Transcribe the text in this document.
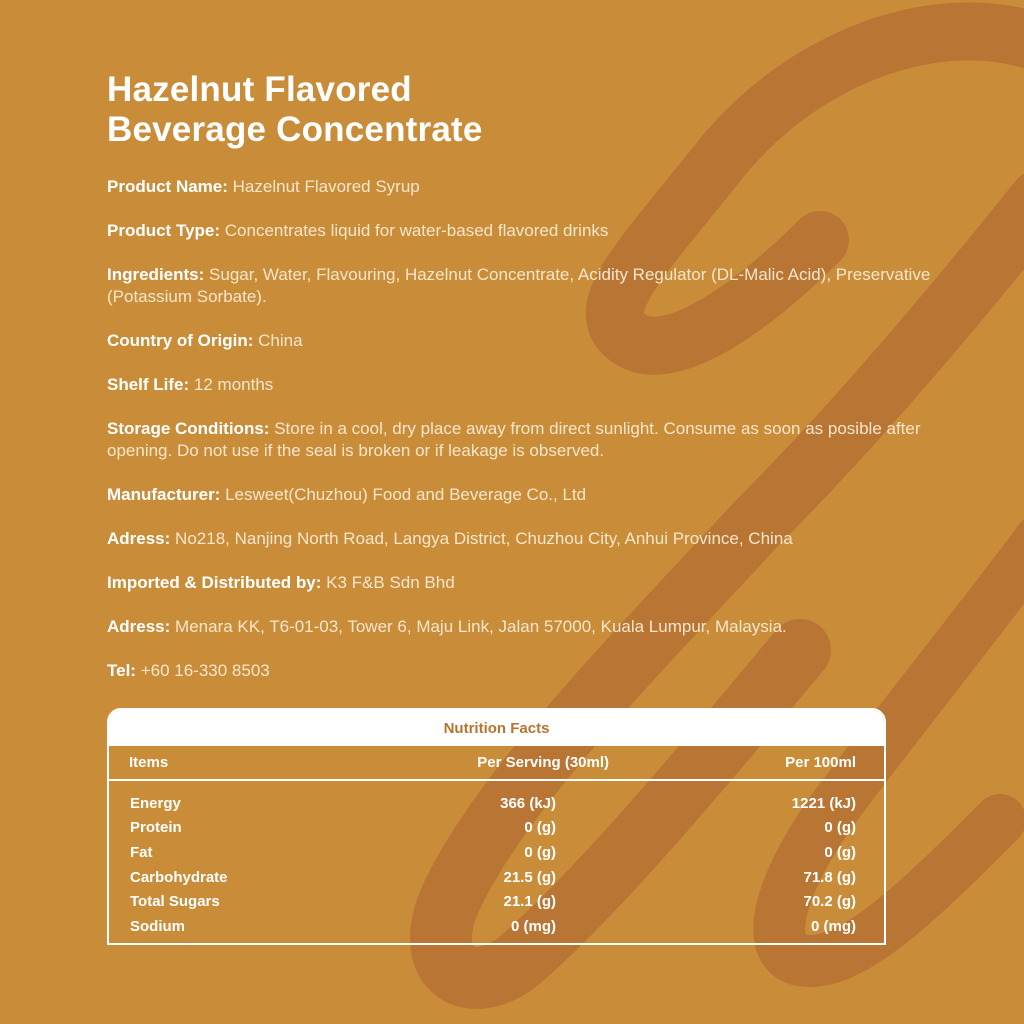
Hazelnut Flavored
Beverage Concentrate

Product Name: Hazelnut Flavored Syrup

Product Type: Concentrates liquid for water-based flavored drinks

Ingredients: Sugar, Water, Flavouring, Hazelnut Concentrate, Acidity Regulator (DL-Malic Acid), Preservative (Potassium Sorbate).

Country of Origin: China

Shelf Life: 12 months

Storage Conditions: Store in a cool, dry place away from direct sunlight. Consume as soon as posible after opening. Do not use if the seal is broken or if leakage is observed.

Manufacturer: Lesweet(Chuzhou) Food and Beverage Co., Ltd

Adress: No218, Nanjing North Road, Langya District, Chuzhou City, Anhui Province, China

Imported & Distributed by: K3 F&B Sdn Bhd

Adress: Menara KK, T6-01-03, Tower 6, Maju Link, Jalan 57000, Kuala Lumpur, Malaysia.

Tel: +60 16-330 8503

Nutrition Facts
Items	Per Serving (30ml)	Per 100ml
Energy	366 (kJ)	1221 (kJ)
Protein	0 (g)	0 (g)
Fat	0 (g)	0 (g)
Carbohydrate	21.5 (g)	71.8 (g)
Total Sugars	21.1 (g)	70.2 (g)
Sodium	0 (mg)	0 (mg)
